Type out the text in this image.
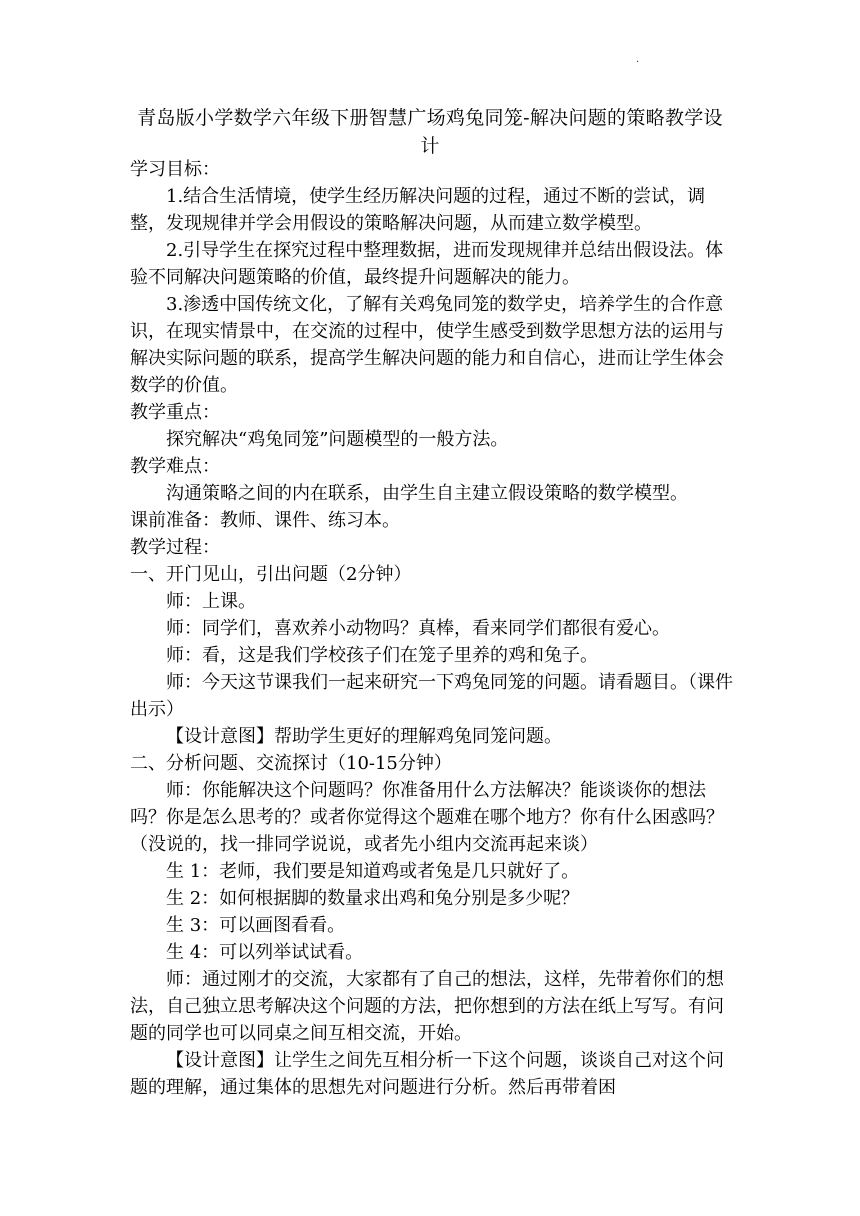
·
青岛版小学数学六年级下册智慧广场鸡兔同笼-解决问题的策略教学设计

学习目标：

1.结合生活情境，使学生经历解决问题的过程，通过不断的尝试，调整，发现规律并学会用假设的策略解决问题，从而建立数学模型。

2.引导学生在探究过程中整理数据，进而发现规律并总结出假设法。体验不同解决问题策略的价值，最终提升问题解决的能力。

3.渗透中国传统文化，了解有关鸡兔同笼的数学史，培养学生的合作意识，在现实情景中，在交流的过程中，使学生感受到数学思想方法的运用与解决实际问题的联系，提高学生解决问题的能力和自信心，进而让学生体会数学的价值。

教学重点：

探究解决“鸡兔同笼”问题模型的一般方法。

教学难点：

沟通策略之间的内在联系，由学生自主建立假设策略的数学模型。

课前准备：教师、课件、练习本。

教学过程：

一、开门见山，引出问题（2分钟）

师：上课。

师：同学们，喜欢养小动物吗？真棒，看来同学们都很有爱心。

师：看，这是我们学校孩子们在笼子里养的鸡和兔子。

师：今天这节课我们一起来研究一下鸡兔同笼的问题。请看题目。（课件出示）

【设计意图】帮助学生更好的理解鸡兔同笼问题。

二、分析问题、交流探讨（10-15分钟）

师：你能解决这个问题吗？你准备用什么方法解决？能谈谈你的想法吗？你是怎么思考的？或者你觉得这个题难在哪个地方？你有什么困惑吗？（没说的，找一排同学说说，或者先小组内交流再起来谈）

生 1：老师，我们要是知道鸡或者兔是几只就好了。

生 2：如何根据脚的数量求出鸡和兔分别是多少呢？

生 3：可以画图看看。

生 4：可以列举试试看。

师：通过刚才的交流，大家都有了自己的想法，这样，先带着你们的想法，自己独立思考解决这个问题的方法，把你想到的方法在纸上写写。有问题的同学也可以同桌之间互相交流，开始。

【设计意图】让学生之间先互相分析一下这个问题，谈谈自己对这个问题的理解，通过集体的思想先对问题进行分析。然后再带着困
